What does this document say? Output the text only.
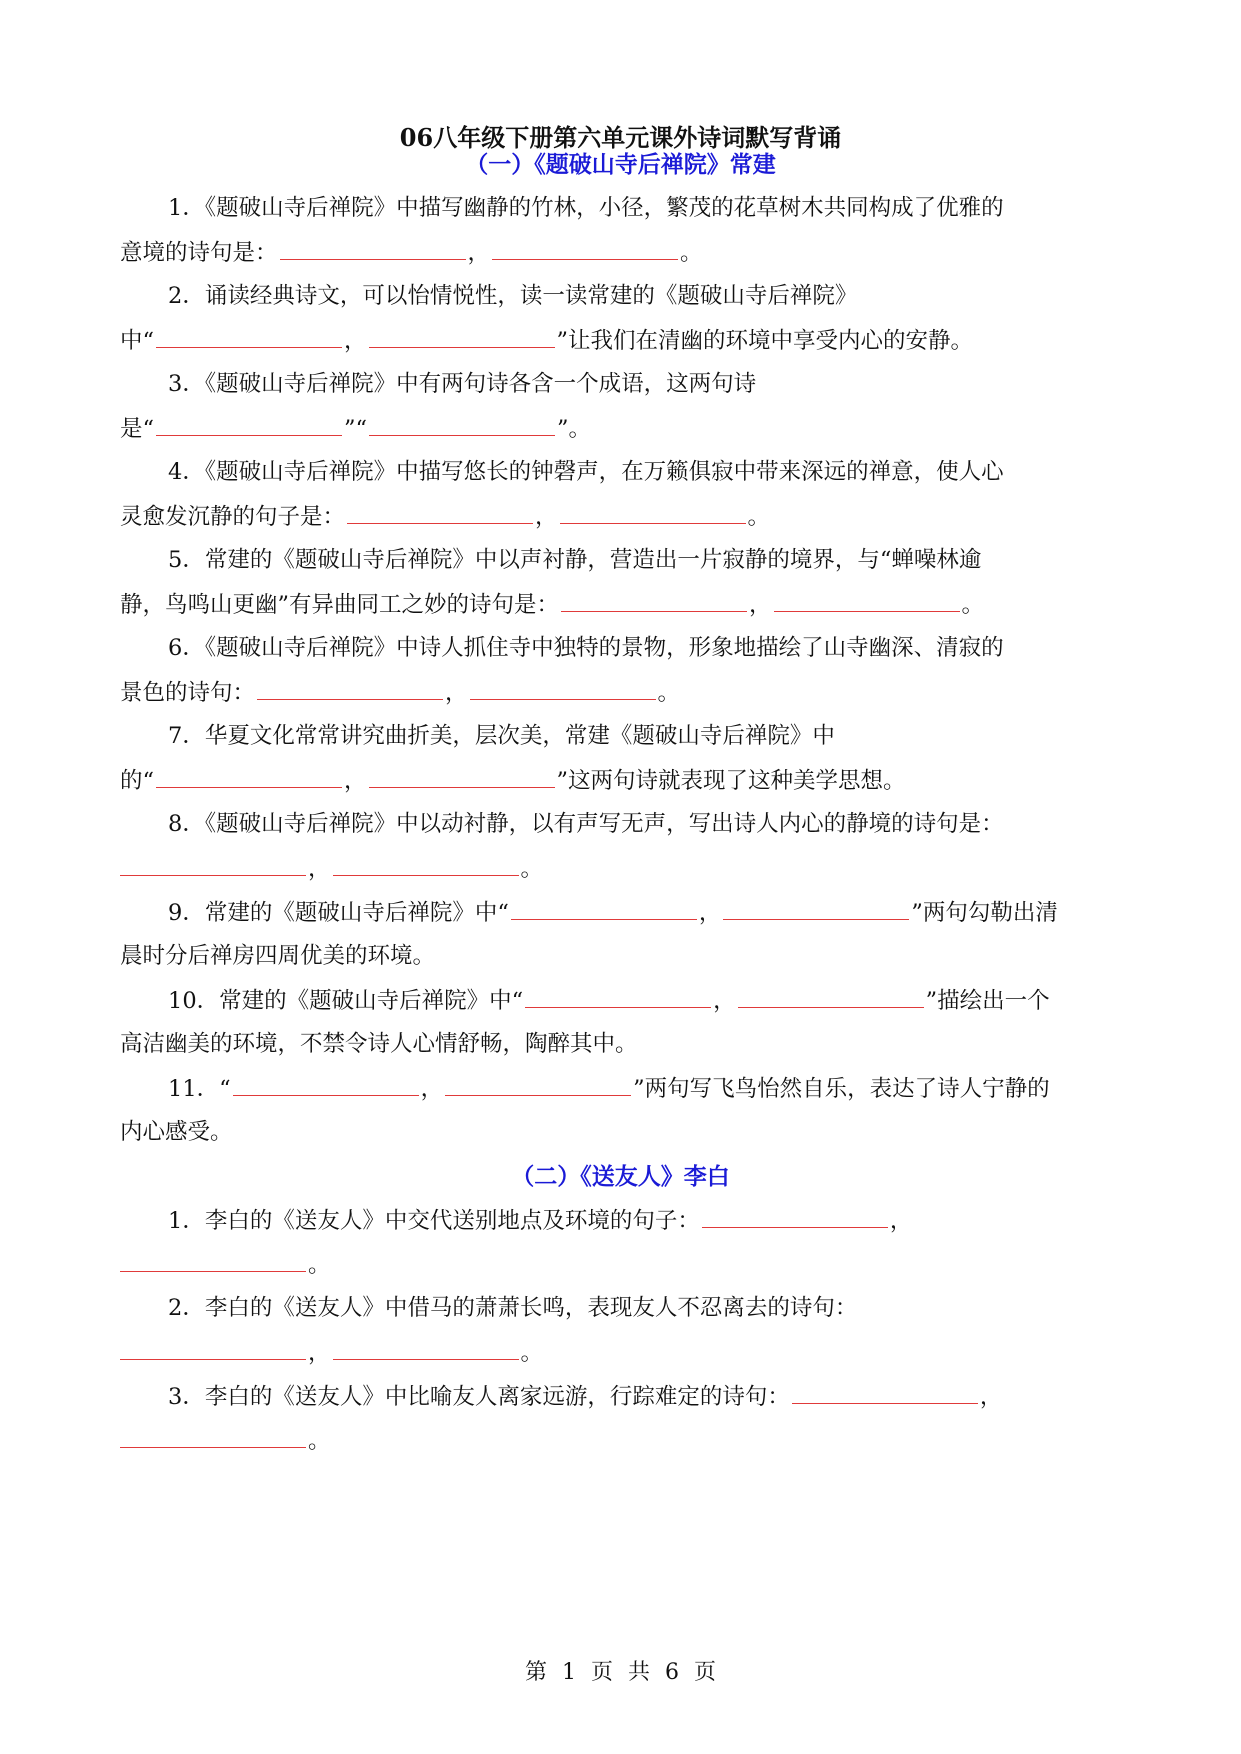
06八年级下册第六单元课外诗词默写背诵
（一）《题破山寺后禅院》常建
1．《题破山寺后禅院》中描写幽静的竹林，小径，繁茂的花草树木共同构成了优雅的
意境的诗句是：	，	。
2．诵读经典诗文，可以怡情悦性，读一读常建的《题破山寺后禅院》
中“	，	”让我们在清幽的环境中享受内心的安静。
3．《题破山寺后禅院》中有两句诗各含一个成语，这两句诗
是“	”“	”。
4．《题破山寺后禅院》中描写悠长的钟磬声，在万籁俱寂中带来深远的禅意，使人心
灵愈发沉静的句子是：	，	。
5．常建的《题破山寺后禅院》中以声衬静，营造出一片寂静的境界，与“蝉噪林逾
静，鸟鸣山更幽”有异曲同工之妙的诗句是：	，	。
6．《题破山寺后禅院》中诗人抓住寺中独特的景物，形象地描绘了山寺幽深、清寂的
景色的诗句：	，	。
7．华夏文化常常讲究曲折美，层次美，常建《题破山寺后禅院》中
的“	，	”这两句诗就表现了这种美学思想。
8．《题破山寺后禅院》中以动衬静，以有声写无声，写出诗人内心的静境的诗句是：
，	。
9．常建的《题破山寺后禅院》中“	，	”两句勾勒出清
晨时分后禅房四周优美的环境。
10．常建的《题破山寺后禅院》中“	，	”描绘出一个
高洁幽美的环境，不禁令诗人心情舒畅，陶醉其中。
11．“	，	”两句写飞鸟怡然自乐，表达了诗人宁静的
内心感受。
（二）《送友人》李白
1．李白的《送友人》中交代送别地点及环境的句子：	，
。
2．李白的《送友人》中借马的萧萧长鸣，表现友人不忍离去的诗句：
，	。
3．李白的《送友人》中比喻友人离家远游，行踪难定的诗句：	，
。
第 1 页 共 6 页
